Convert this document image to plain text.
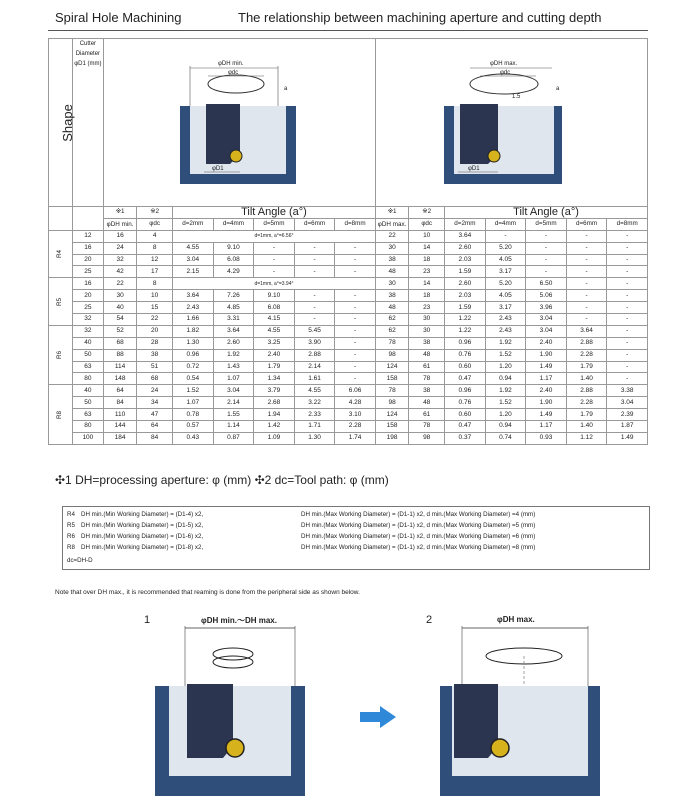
Spiral Hole Machining	The relationship between machining aperture and cutting depth
φDH min.
φdc
φD1
a
φDH max.
φdc
1.5
φD1
a
Shape	Cutter Diameter φD1 (mm)														
		※1	※2	Tilt Angle (a°)					※1	※2	Tilt Angle (a°)				
		φDH min.	φdc	d=2mm	d=4mm	d=5mm	d=6mm	d=8mm	φDH max.	φdc	d=2mm	d=4mm	d=5mm	d=6mm	d=8mm
R4	12	16	4	d=1mm, a°=6.56°					22	10	3.64	-	-	-	-
	16	24	8	4.55	9.10	-	-	-	30	14	2.60	5.20	-	-	-
	20	32	12	3.04	6.08	-	-	-	38	18	2.03	4.05	-	-	-
	25	42	17	2.15	4.29	-	-	-	48	23	1.59	3.17	-	-	-
R5	16	22	8	d=1mm, a°=3.94°					30	14	2.60	5.20	6.50	-	-
	20	30	10	3.64	7.26	9.10	-	-	38	18	2.03	4.05	5.06	-	-
	25	40	15	2.43	4.85	6.08	-	-	48	23	1.59	3.17	3.96	-	-
	32	54	22	1.66	3.31	4.15	-	-	62	30	1.22	2.43	3.04	-	-
R6	32	52	20	1.82	3.64	4.55	5.45	-	62	30	1.22	2.43	3.04	3.64	-
	40	68	28	1.30	2.60	3.25	3.90	-	78	38	0.96	1.92	2.40	2.88	-
	50	88	38	0.96	1.92	2.40	2.88	-	98	48	0.76	1.52	1.90	2.28	-
	63	114	51	0.72	1.43	1.79	2.14	-	124	61	0.60	1.20	1.49	1.79	-
	80	148	68	0.54	1.07	1.34	1.61	-	158	78	0.47	0.94	1.17	1.40	-
R8	40	64	24	1.52	3.04	3.79	4.55	6.06	78	38	0.96	1.92	2.40	2.88	3.38
	50	84	34	1.07	2.14	2.68	3.22	4.28	98	48	0.76	1.52	1.90	2.28	3.04
	63	110	47	0.78	1.55	1.94	2.33	3.10	124	61	0.60	1.20	1.49	1.79	2.39
	80	144	64	0.57	1.14	1.42	1.71	2.28	158	78	0.47	0.94	1.17	1.40	1.87
	100	184	84	0.43	0.87	1.09	1.30	1.74	198	98	0.37	0.74	0.93	1.12	1.49
✣1 DH=processing aperture: φ (mm) ✣2 dc=Tool path: φ (mm)
R4 DH min.(Min Working Diameter) = (D1-4) x2,	DH min.(Max Working Diameter) = (D1-1) x2, d min.(Max Working Diameter) =4 (mm)
R5 DH min.(Min Working Diameter) = (D1-5) x2,	DH min.(Max Working Diameter) = (D1-1) x2, d min.(Max Working Diameter) =5 (mm)
R6 DH min.(Min Working Diameter) = (D1-6) x2,	DH min.(Max Working Diameter) = (D1-1) x2, d min.(Max Working Diameter) =6 (mm)
R8 DH min.(Min Working Diameter) = (D1-8) x2,	DH min.(Max Working Diameter) = (D1-1) x2, d min.(Max Working Diameter) =8 (mm)
dc=DH-D
Note that over DH max., it is recommended that reaming is done from the peripheral side as shown below.
1	φDH min.～DH max.	2	φDH max.
